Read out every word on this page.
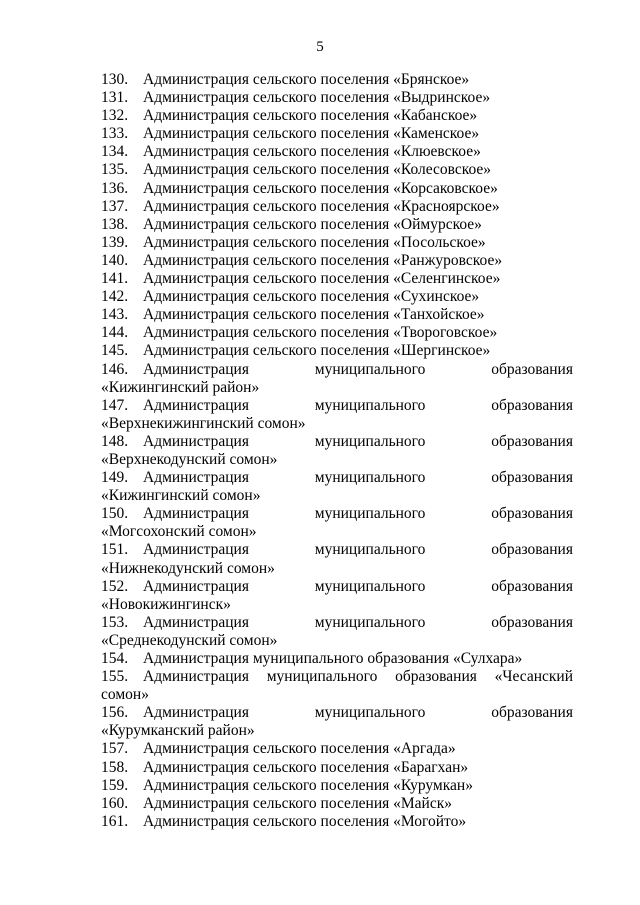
5

130. Администрация сельского поселения «Брянское»

131. Администрация сельского поселения «Выдринское»

132. Администрация сельского поселения «Кабанское»

133. Администрация сельского поселения «Каменское»

134. Администрация сельского поселения «Клюевское»

135. Администрация сельского поселения «Колесовское»

136. Администрация сельского поселения «Корсаковское»

137. Администрация сельского поселения «Красноярское»

138. Администрация сельского поселения «Оймурское»

139. Администрация сельского поселения «Посольское»

140. Администрация сельского поселения «Ранжуровское»

141. Администрация сельского поселения «Селенгинское»

142. Администрация сельского поселения «Сухинское»

143. Администрация сельского поселения «Танхойское»

144. Администрация сельского поселения «Твороговское»

145. Администрация сельского поселения «Шергинское»

146. Администрация	муниципального	образования
«Кижингинский район»
147. Администрация	муниципального	образования
«Верхнекижингинский сомон»
148. Администрация	муниципального	образования
«Верхнекодунский сомон»
149. Администрация	муниципального	образования
«Кижингинский сомон»
150. Администрация	муниципального	образования
«Могсохонский сомон»
151. Администрация	муниципального	образования
«Нижнекодунский сомон»
152. Администрация	муниципального	образования
«Новокижингинск»
153. Администрация	муниципального	образования
«Среднекодунский сомон»

154. Администрация муниципального образования «Сулхара»

155. Администрация муниципального образования «Чесанский сомон»

156. Администрация	муниципального	образования
«Курумканский район»

157. Администрация сельского поселения «Аргада»

158. Администрация сельского поселения «Барагхан»

159. Администрация сельского поселения «Курумкан»

160. Администрация сельского поселения «Майск»

161. Администрация сельского поселения «Могойто»
